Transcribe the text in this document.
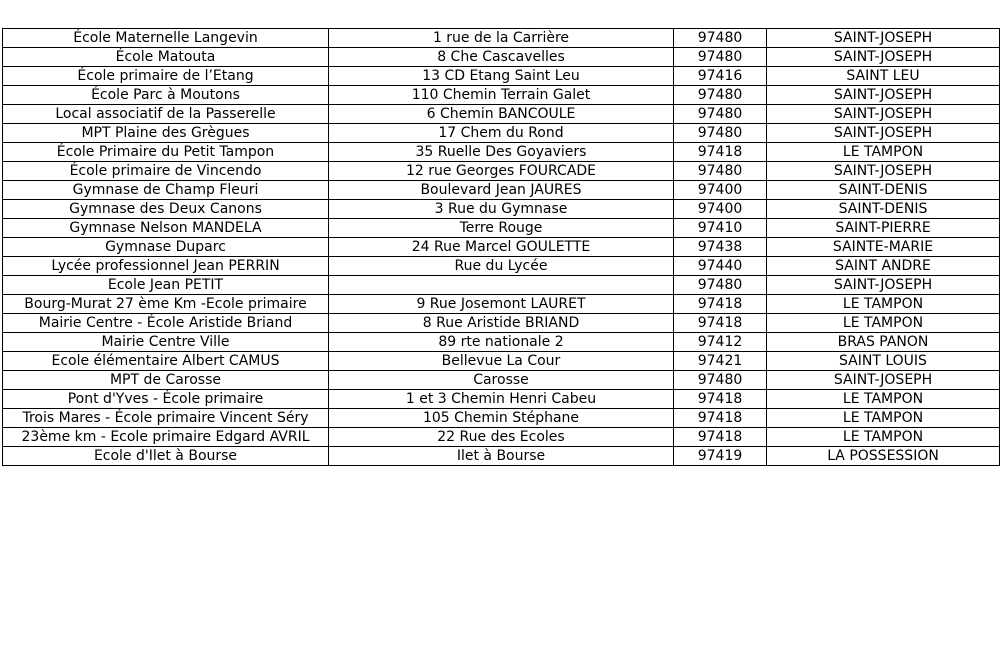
École Maternelle Langevin	1 rue de la Carrière	97480	SAINT-JOSEPH
École Matouta	8 Che Cascavelles	97480	SAINT-JOSEPH
École primaire de l’Etang	13 CD Etang Saint Leu	97416	SAINT LEU
École Parc à Moutons	110 Chemin Terrain Galet	97480	SAINT-JOSEPH
Local associatif de la Passerelle	6 Chemin BANCOULE	97480	SAINT-JOSEPH
MPT Plaine des Grègues	17 Chem du Rond	97480	SAINT-JOSEPH
École Primaire du Petit Tampon	35 Ruelle Des Goyaviers	97418	LE TAMPON
École primaire de Vincendo	12 rue Georges FOURCADE	97480	SAINT-JOSEPH
Gymnase de Champ Fleuri	Boulevard Jean JAURES	97400	SAINT-DENIS
Gymnase des Deux Canons	3 Rue du Gymnase	97400	SAINT-DENIS
Gymnase Nelson MANDELA	Terre Rouge	97410	SAINT-PIERRE
Gymnase Duparc	24 Rue Marcel GOULETTE	97438	SAINTE-MARIE
Lycée professionnel Jean PERRIN	Rue du Lycée	97440	SAINT ANDRE
Ecole Jean PETIT		97480	SAINT-JOSEPH
Bourg-Murat 27 ème Km -Ecole primaire	9 Rue Josemont LAURET	97418	LE TAMPON
Mairie Centre - École Aristide Briand	8 Rue Aristide BRIAND	97418	LE TAMPON
Mairie Centre Ville	89 rte nationale 2	97412	BRAS PANON
Ecole élémentaire Albert CAMUS	Bellevue La Cour	97421	SAINT LOUIS
MPT de Carosse	Carosse	97480	SAINT-JOSEPH
Pont d'Yves - École primaire	1 et 3 Chemin Henri Cabeu	97418	LE TAMPON
Trois Mares - École primaire Vincent Séry	105 Chemin Stéphane	97418	LE TAMPON
23ème km - Ecole primaire Edgard AVRIL	22 Rue des Ecoles	97418	LE TAMPON
Ecole d'Ilet à Bourse	Ilet à Bourse	97419	LA POSSESSION
